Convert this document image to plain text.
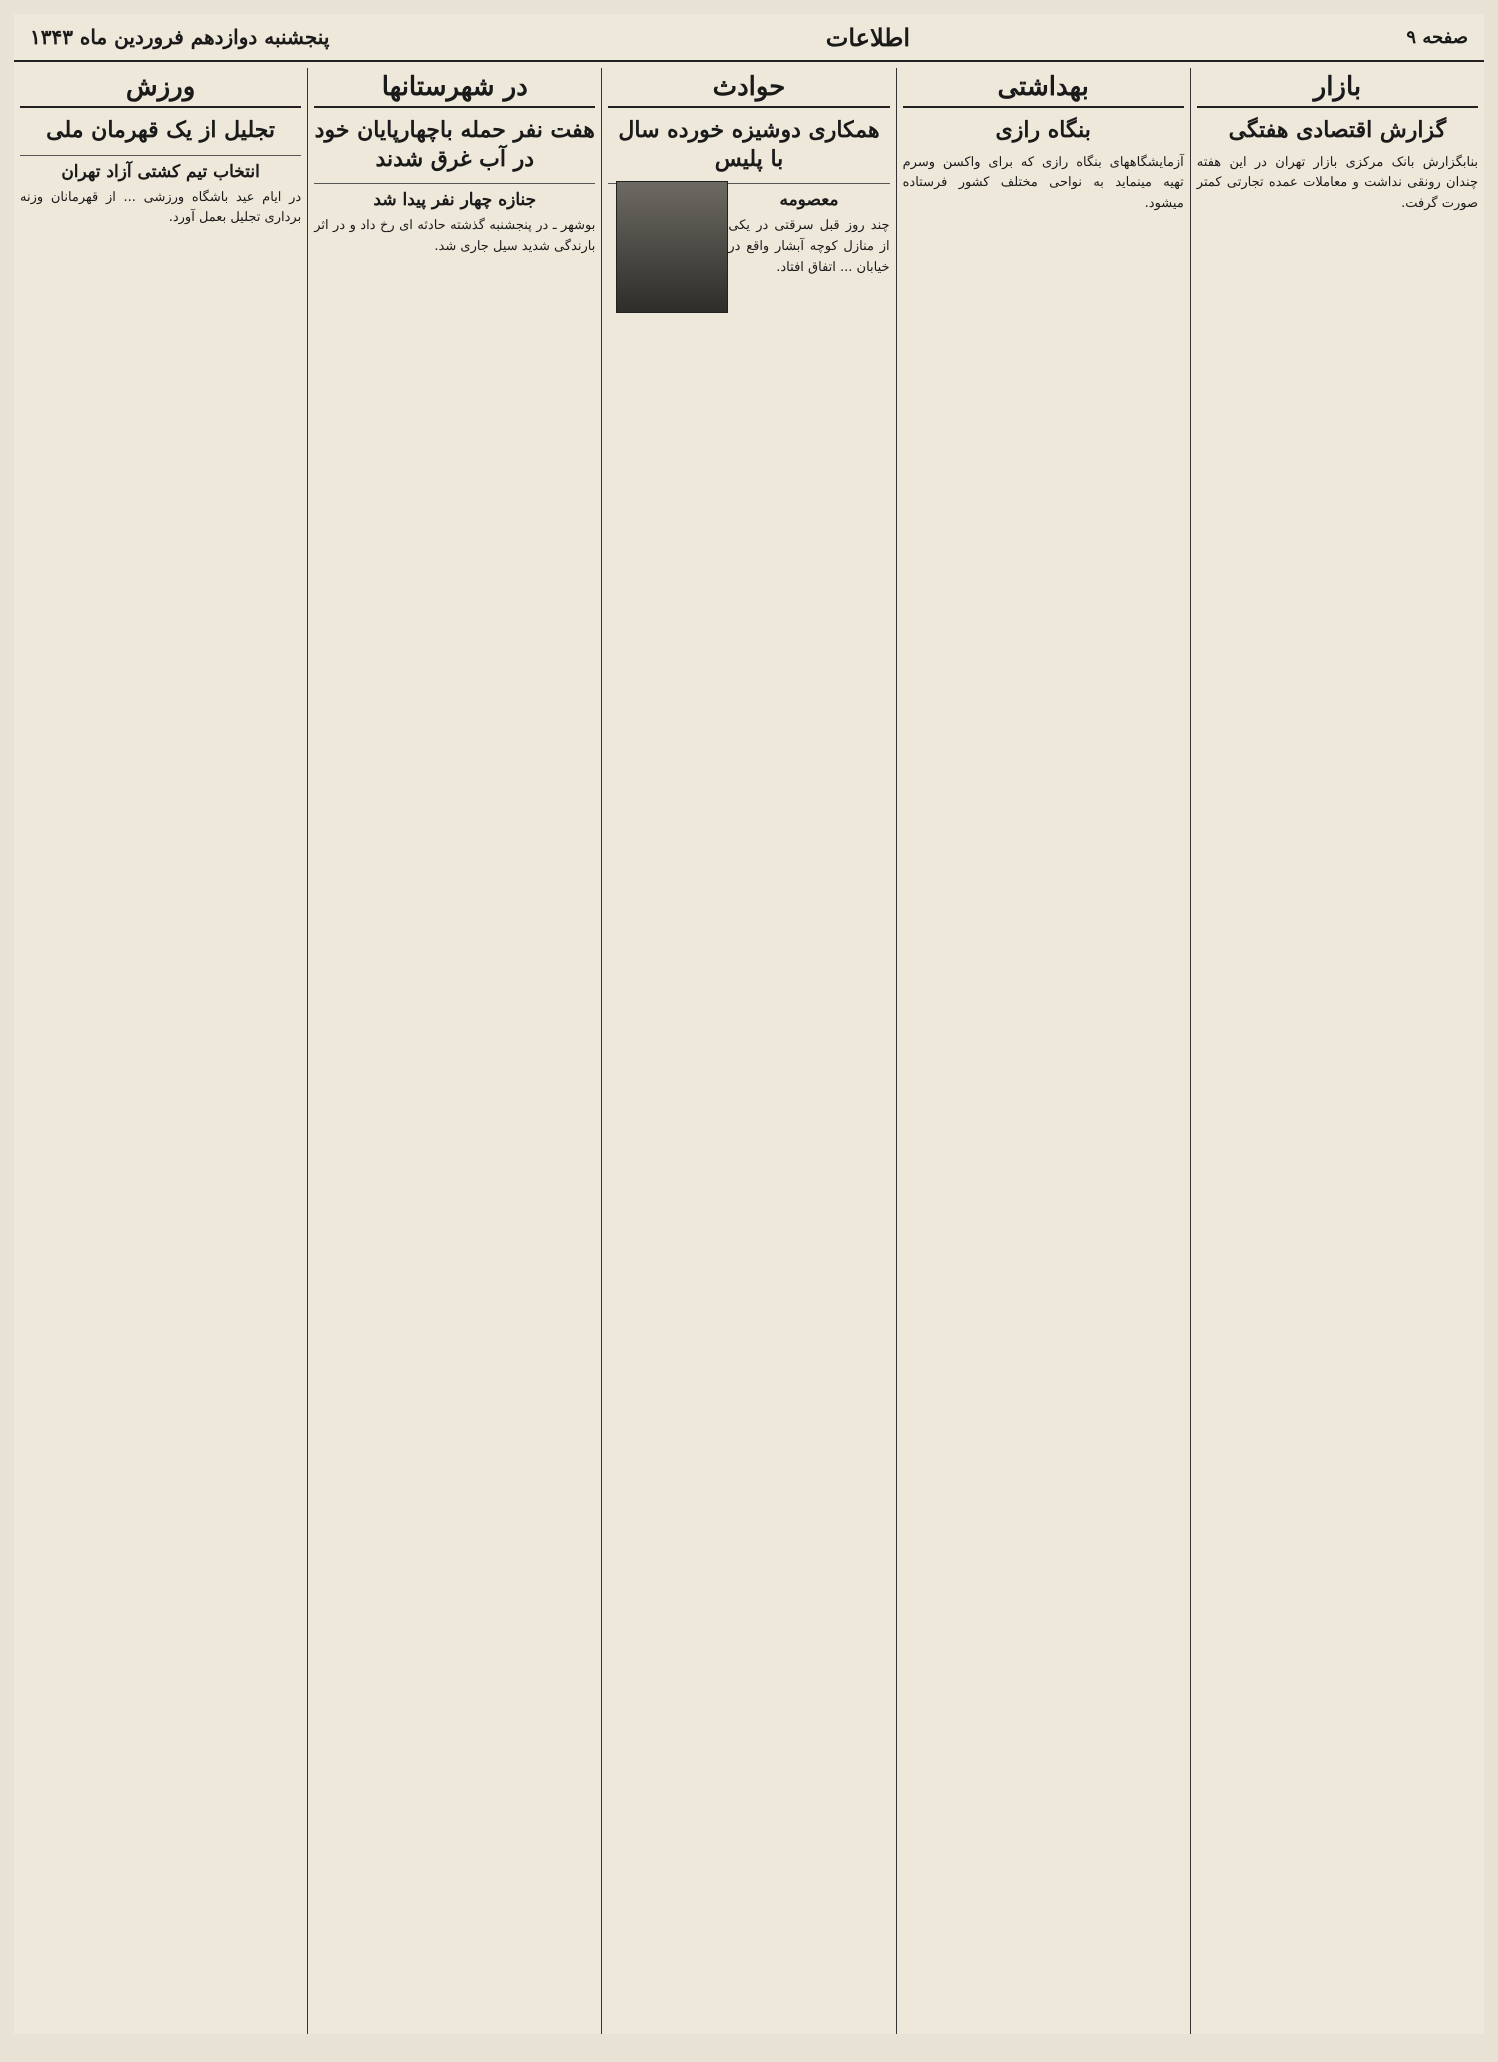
صفحه ۹
اطلاعات
پنجشنبه دوازدهم فروردین ماه ۱۳۴۳
بازار
گزارش اقتصادی هفتگی
بنابگزارش بانک مرکزی بازار تهران در این هفته چندان رونقی نداشت و معاملات عمده تجارتی کمتر صورت گرفت.
بهداشتی
بنگاه رازی
آزمایشگاههای بنگاه رازی که برای واکسن وسرم تهیه مینماید به نواحی مختلف کشور فرستاده میشود.
حوادث
همکاری دوشیزه خورده سال با پلیس
معصومه
چند روز قبل سرقتی در یکی از منازل کوچه آبشار واقع در خیابان ... اتفاق افتاد.
در شهرستانها
هفت نفر حمله باچهارپایان خود در آب غرق شدند
جنازه چهار نفر پیدا شد
بوشهر ـ در پنجشنبه گذشته حادثه ای رخ داد و در اثر بارندگی شدید سیل جاری شد.
ورزش
تجلیل از یک قهرمان ملی
انتخاب تیم کشتی آزاد تهران
در ایام عید باشگاه ورزشی ... از قهرمانان وزنه برداری تجلیل بعمل آورد.
